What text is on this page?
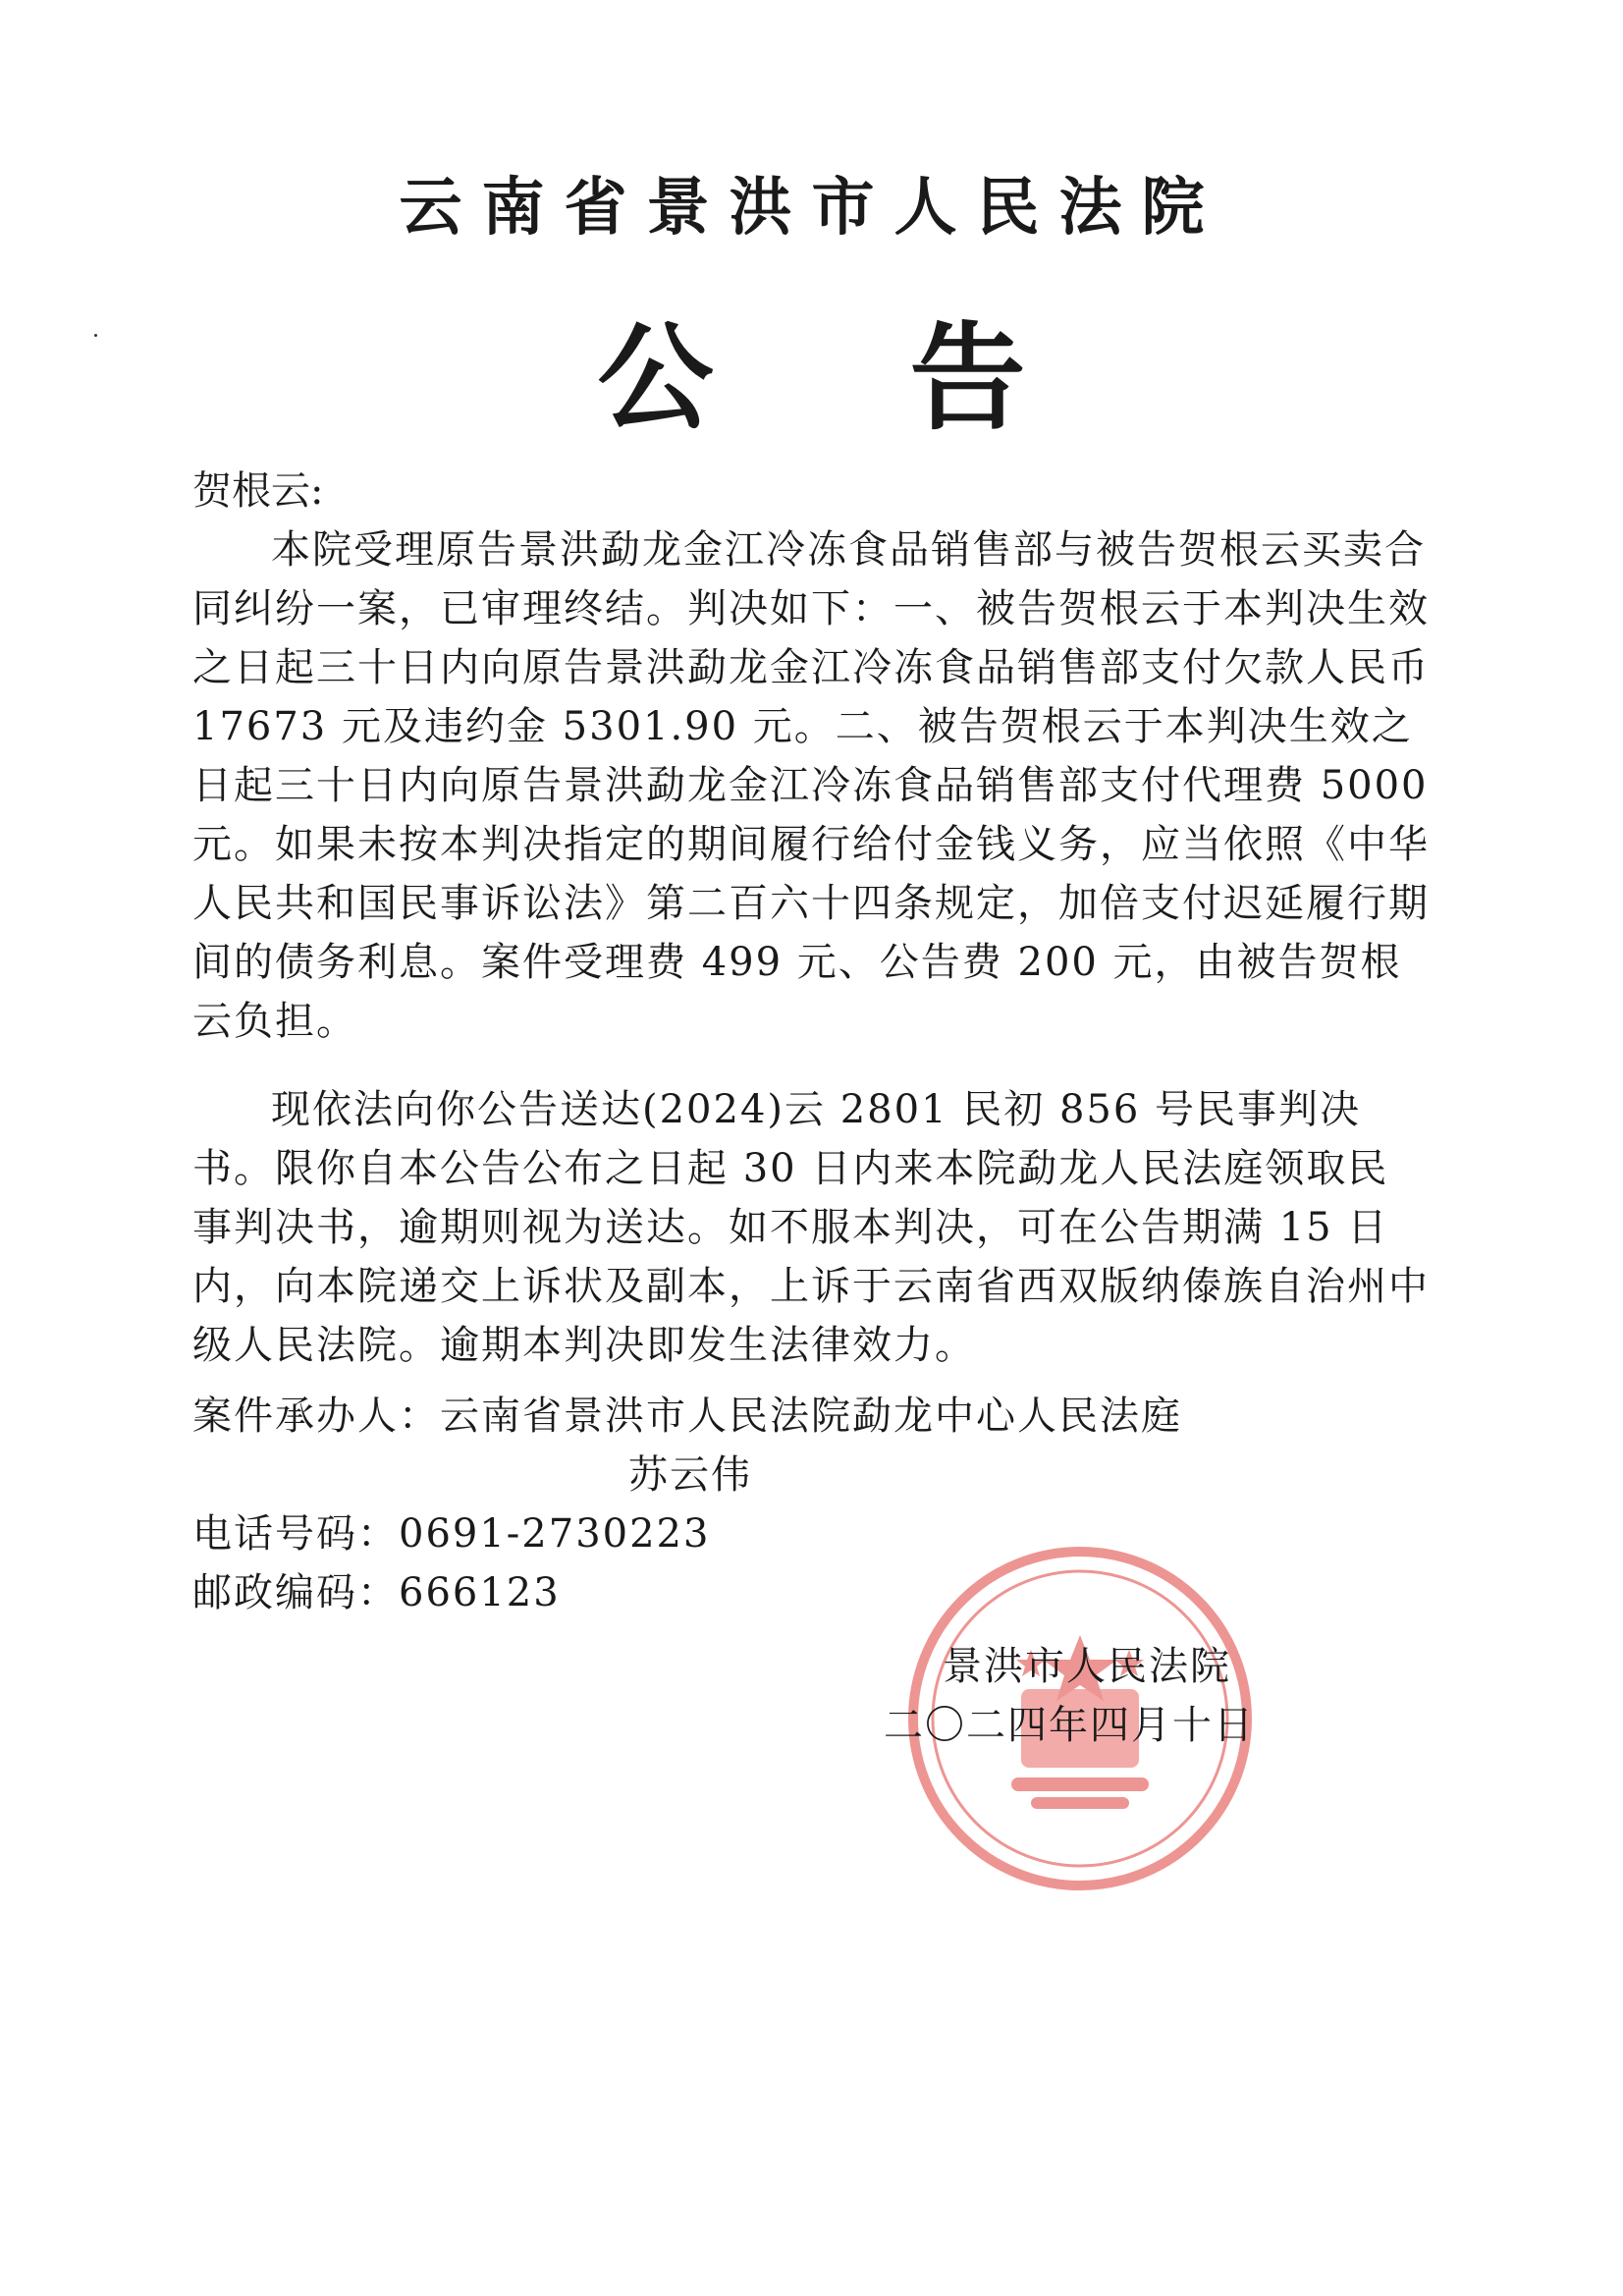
云南省景洪市人民法院
公告
贺根云:
本院受理原告景洪勐龙金江冷冻食品销售部与被告贺根云买卖合同纠纷一案，已审理终结。判决如下：一、被告贺根云于本判决生效之日起三十日内向原告景洪勐龙金江冷冻食品销售部支付欠款人民币 17673 元及违约金 5301.90 元。二、被告贺根云于本判决生效之日起三十日内向原告景洪勐龙金江冷冻食品销售部支付代理费 5000 元。如果未按本判决指定的期间履行给付金钱义务，应当依照《中华人民共和国民事诉讼法》第二百六十四条规定，加倍支付迟延履行期间的债务利息。案件受理费 499 元、公告费 200 元，由被告贺根云负担。
现依法向你公告送达(2024)云 2801 民初 856 号民事判决书。限你自本公告公布之日起 30 日内来本院勐龙人民法庭领取民事判决书，逾期则视为送达。如不服本判决，可在公告期满 15 日内，向本院递交上诉状及副本，上诉于云南省西双版纳傣族自治州中级人民法院。逾期本判决即发生法律效力。
案件承办人：云南省景洪市人民法院勐龙中心人民法庭
苏云伟
电话号码：0691-2730223
邮政编码：666123
景洪市人民法院
二〇二四年四月十日
